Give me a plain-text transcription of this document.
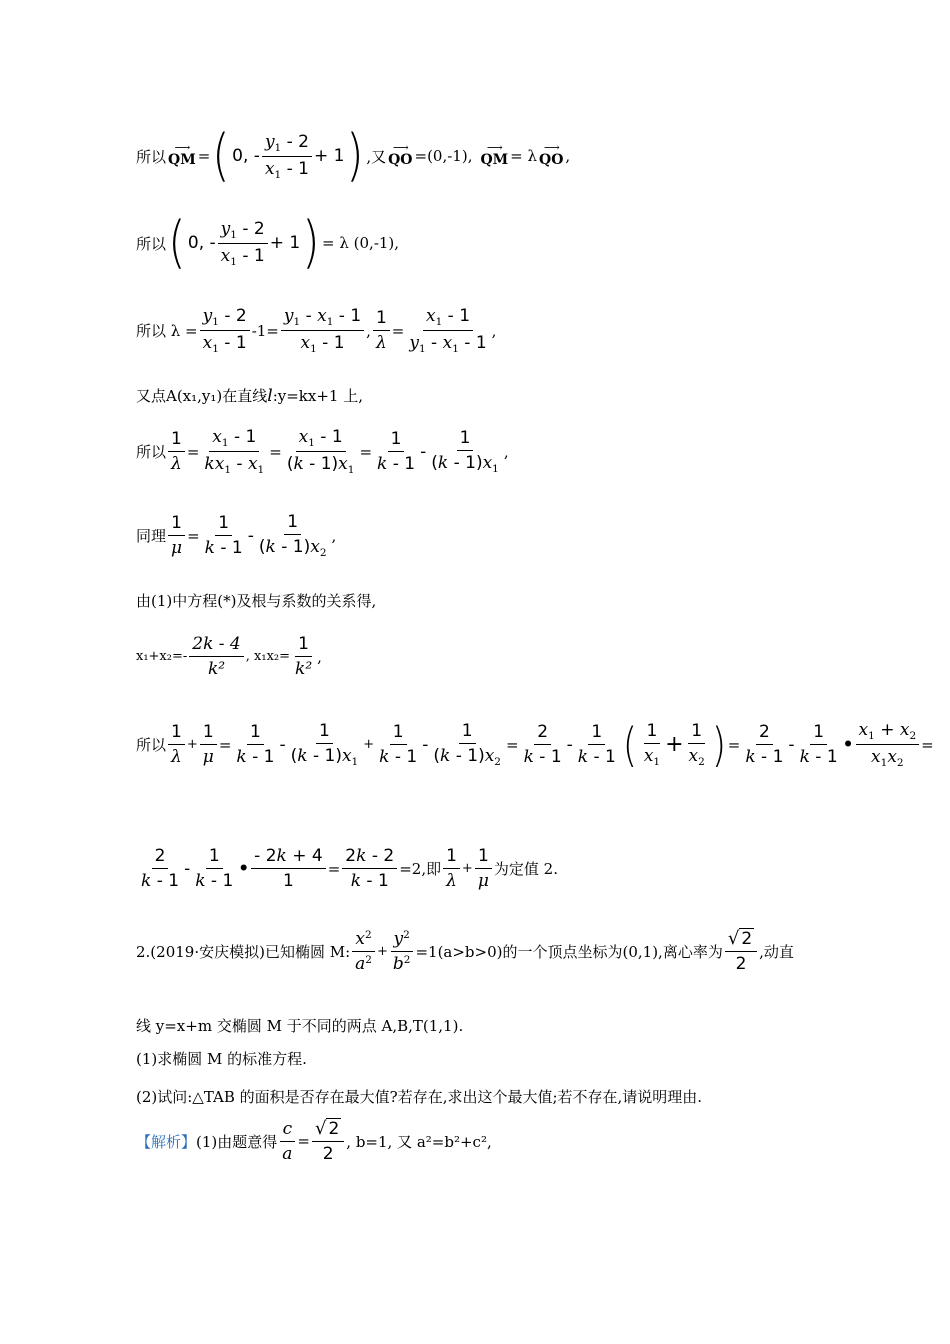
所以 ⟶
QM = ( 0 , - $\frac{y_1 - 2}{x_1 - 1} + 1$ ) ,又 ⟶
QO =(0,-1), ⟶
QM = λ ⟶
QO ,
所以 ( 0 , - $\frac{y_1 - 2}{x_1 - 1} + 1$ ) = λ (0,-1),
所以 $\lambda = \frac{y_1 - 2}{x_1 - 1} -1= \frac{y_1 - x_1 - 1}{x_1 - 1}$ , $\frac{1}{\lambda} = \frac{x_1 - 1}{y_1 - x_1 - 1}$ ,
又点A(x₁,y₁)在直线 l :y=kx+1 上,
所以 $\frac{1}{\lambda} = \frac{x_1 - 1}{kx_1 - x_1} = \frac{x_1 - 1}{(k - 1)x_1} = \frac{1}{k - 1} - \frac{1}{(k - 1)x_1}$ ,
同理 $\frac{1}{\mu} = \frac{1}{k - 1} - \frac{1}{(k - 1)x_2}$ ,
由(1)中方程(*)及根与系数的关系得,
$x_1+x_2=- \frac{2k - 4}{\text{k²}}$ , $x_1x_2= \frac{1}{\text{k²}}$ ,
所以 $\frac{1}{\lambda} + \frac{1}{\mu} = \frac{1}{k - 1} - \frac{1}{(k - 1)x_1} + \frac{1}{k - 1} - \frac{1}{(k - 1)x_2} = \frac{2}{k - 1} - \frac{1}{k - 1}$ ( $\frac{1}{x_1} + \frac{1}{x_2}$ ) = $\frac{2}{k - 1} - \frac{1}{k - 1}$ • $\frac{x_1 + x_2}{x_1x_2}$ =
$\frac{2}{k - 1} - \frac{1}{k - 1}$ • $\frac{- 2k + 4}{1} = \frac{2k - 2}{k - 1} =2$,即 $\frac{1}{\lambda} + \frac{1}{\mu}$ 为定值 2.
2.(2019·安庆模拟)已知椭圆 M: $\frac{x^2}{a^2} + \frac{y^2}{b^2} =1(a>b>0)$的一个顶点坐标为(0,1),离心率为 $\frac{√ 2}{2}$ ,动直
线 y=x+m 交椭圆 M 于不同的两点 A,B,T(1,1).
(1)求椭圆 M 的标准方程.
(2)试问:△TAB 的面积是否存在最大值?若存在,求出这个最大值;若不存在,请说明理由.
【解析】 (1)由题意得 $\frac{c}{a} = \frac{√ 2}{2}$ , b=1, 又 a²=b²+c²,
